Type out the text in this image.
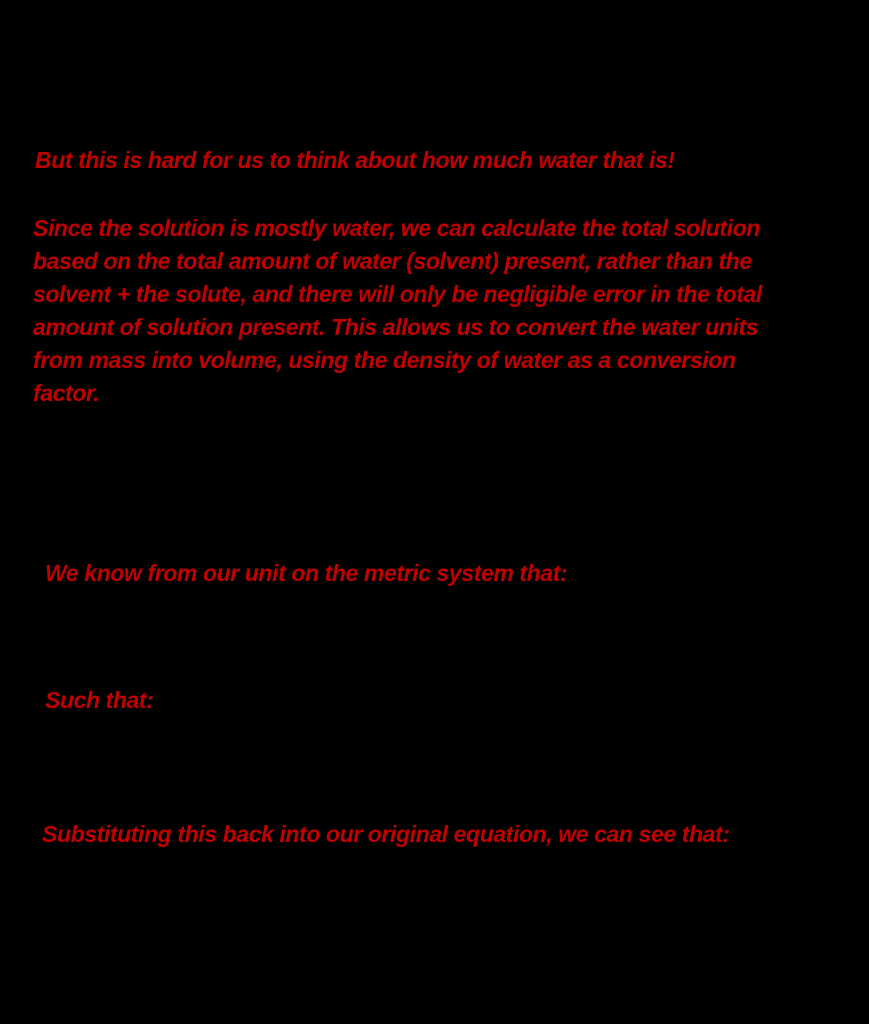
But this is hard for us to think about how much water that is!
Since the solution is mostly water, we can calculate the total solution
based on the total amount of water (solvent) present, rather than the
solvent + the solute, and there will only be negligible error in the total
amount of solution present. This allows us to convert the water units
from mass into volume, using the density of water as a conversion
factor.
We know from our unit on the metric system that:
Such that:
Substituting this back into our original equation, we can see that:
